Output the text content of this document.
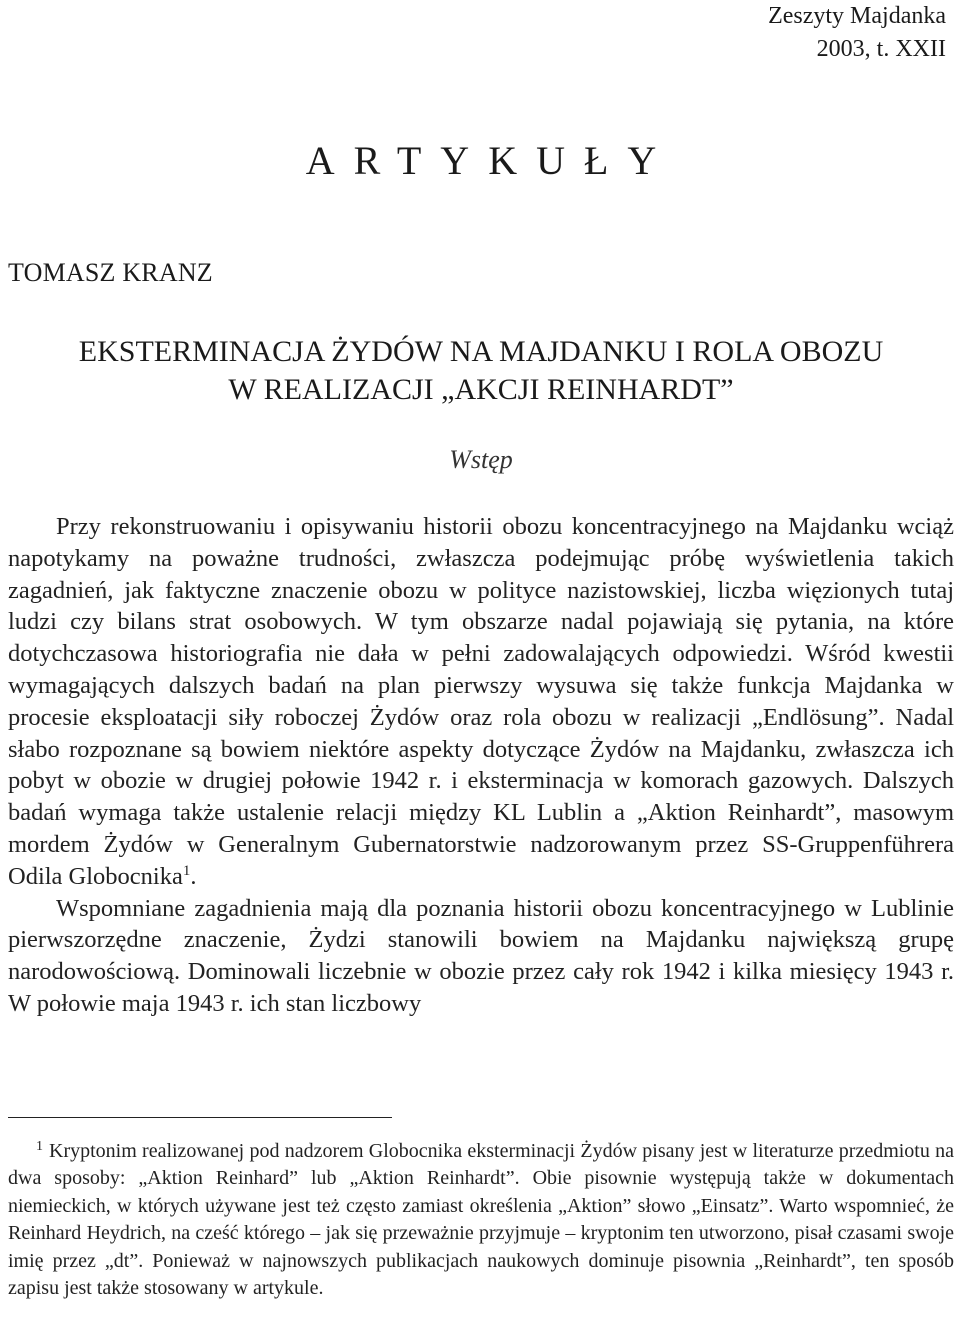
Zeszyty Majdanka
2003, t. XXII
ARTYKUŁY
TOMASZ KRANZ
EKSTERMINACJA ŻYDÓW NA MAJDANKU I ROLA OBOZU
W REALIZACJI „AKCJI REINHARDT”
Wstęp

Przy rekonstruowaniu i opisywaniu historii obozu koncentracyjnego na Majdanku wciąż napotykamy na poważne trudności, zwłaszcza podejmując próbę wyświetlenia takich zagadnień, jak faktyczne znaczenie obozu w polityce nazistowskiej, liczba więzionych tutaj ludzi czy bilans strat osobowych. W tym obszarze nadal pojawiają się pytania, na które dotychczasowa historiografia nie dała w pełni zadowalających odpowiedzi. Wśród kwestii wymagających dalszych badań na plan pierwszy wysuwa się także funkcja Majdanka w procesie eksploatacji siły roboczej Żydów oraz rola obozu w realizacji „Endlösung”. Nadal słabo rozpoznane są bowiem niektóre aspekty dotyczące Żydów na Majdanku, zwłaszcza ich pobyt w obozie w drugiej połowie 1942 r. i eksterminacja w komorach gazowych. Dalszych badań wymaga także ustalenie relacji między KL Lublin a „Aktion Reinhardt”, masowym mordem Żydów w Generalnym Gubernatorstwie nadzorowanym przez SS-Gruppenführera Odila Globocnika$^1$.

Wspomniane zagadnienia mają dla poznania historii obozu koncentracyjnego w Lublinie pierwszorzędne znaczenie, Żydzi stanowili bowiem na Majdanku największą grupę narodowościową. Dominowali liczebnie w obozie przez cały rok 1942 i kilka miesięcy 1943 r. W połowie maja 1943 r. ich stan liczbowy

$^1$ Kryptonim realizowanej pod nadzorem Globocnika eksterminacji Żydów pisany jest w literaturze przedmiotu na dwa sposoby: „Aktion Reinhard” lub „Aktion Reinhardt”. Obie pisownie występują także w dokumentach niemieckich, w których używane jest też często zamiast określenia „Aktion” słowo „Einsatz”. Warto wspomnieć, że Reinhard Heydrich, na cześć którego – jak się przeważnie przyjmuje – kryptonim ten utworzono, pisał czasami swoje imię przez „dt”. Ponieważ w najnowszych publikacjach naukowych dominuje pisownia „Reinhardt”, ten sposób zapisu jest także stosowany w artykule.
